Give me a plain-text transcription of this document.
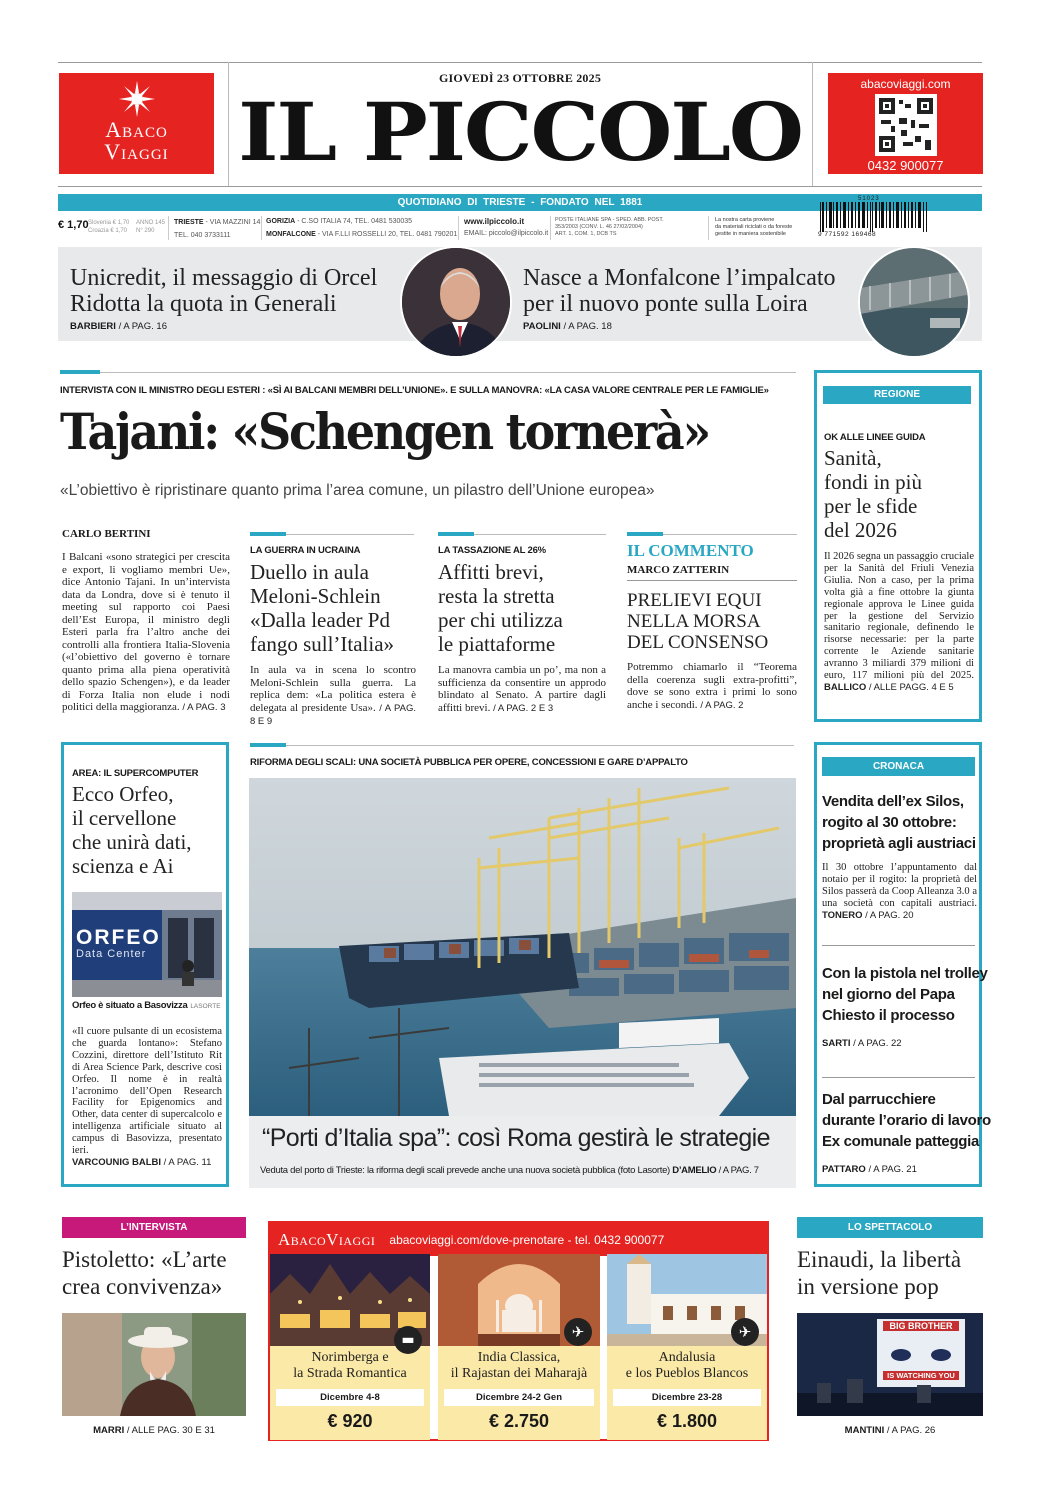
Abaco
Viaggi
GIOVEDÌ 23 OTTOBRE 2025
IL PICCOLO
abacoviaggi.com
0432 900077
QUOTIDIANO DI TRIESTE - FONDATO NEL 1881
€ 1,70 Slovenia € 1,70
Croazia € 1,70
ANNO 145
N° 290
TRIESTE - VIA MAZZINI 14
TEL. 040 3733111
GORIZIA - C.SO ITALIA 74, TEL. 0481 530035
MONFALCONE - VIA F.LLI ROSSELLI 20, TEL. 0481 790201
www.ilpiccolo.it
EMAIL: piccolo@ilpiccolo.it
POSTE ITALIANE SPA - SPED. ABB. POST.
353/2003 (CONV. L. 46 27/02/2004)
ART. 1, COM. 1, DCB TS
La nostra carta proviene
da materiali riciclati o da foreste
gestite in maniera sostenibile
51023
9 771592 169468
Unicredit, il messaggio di Orcel
Ridotta la quota in Generali
BARBIERI / A PAG. 16
Nasce a Monfalcone l’impalcato
per il nuovo ponte sulla Loira
PAOLINI / A PAG. 18
INTERVISTA CON IL MINISTRO DEGLI ESTERI : «SÌ AI BALCANI MEMBRI DELL’UNIONE». E SULLA MANOVRA: «LA CASA VALORE CENTRALE PER LE FAMIGLIE»
Tajani: «Schengen tornerà»
«L’obiettivo è ripristinare quanto prima l’area comune, un pilastro dell’Unione europea»
CARLO BERTINI
I Balcani «sono strategici per crescita e export, li vogliamo membri Ue», dice Antonio Tajani. In un’intervista data da Londra, dove si è tenuto il meeting sul rapporto coi Paesi dell’Est Europa, il ministro degli Esteri parla fra l’altro anche dei controlli alla frontiera Italia-Slovenia («l’obiettivo del governo è tornare quanto prima alla piena operatività dello spazio Schengen»), e da leader di Forza Italia non elude i nodi politici della maggioranza. / A PAG. 3
LA GUERRA IN UCRAINA
Duello in aula
Meloni-Schlein
«Dalla leader Pd
fango sull’Italia»
In aula va in scena lo scontro Meloni-Schlein sulla guerra. La replica dem: «La politica estera è delegata al presidente Usa». / A PAG. 8 E 9
LA TASSAZIONE AL 26%
Affitti brevi,
resta la stretta
per chi utilizza
le piattaforme
La manovra cambia un po’, ma non a sufficienza da consentire un approdo blindato al Senato. A partire dagli affitti brevi. / A PAG. 2 E 3
IL COMMENTO
MARCO ZATTERIN
PRELIEVI EQUI
NELLA MORSA
DEL CONSENSO
Potremmo chiamarlo il “Teorema della coerenza sugli extra-profitti”, dove se sono extra i primi lo sono anche i secondi. / A PAG. 2
REGIONE
OK ALLE LINEE GUIDA
Sanità,
fondi in più
per le sfide
del 2026
Il 2026 segna un passaggio cruciale per la Sanità del Friuli Venezia Giulia. Non a caso, per la prima volta già a fine ottobre la giunta regionale approva le Linee guida per la gestione del Servizio sanitario regionale, definendo le risorse necessarie: per la parte corrente le Aziende sanitarie avranno 3 miliardi 379 milioni di euro, 117 milioni più del 2025. BALLICO / ALLE PAGG. 4 E 5
AREA: IL SUPERCOMPUTER
Ecco Orfeo,
il cervellone
che unirà dati,
scienza e Ai
ORFEO
Data Center
Orfeo è situato a Basovizza LASORTE
«Il cuore pulsante di un ecosistema che guarda lontano»: Stefano Cozzini, direttore dell’Istituto Rit di Area Science Park, descrive così Orfeo. Il nome è in realtà l’acronimo dell’Open Research Facility for Epigenomics and Other, data center di supercalcolo e intelligenza artificiale situato al campus di Basovizza, presentato ieri.
VARCOUNIG BALBI / A PAG. 11
RIFORMA DEGLI SCALI: UNA SOCIETÀ PUBBLICA PER OPERE, CONCESSIONI E GARE D’APPALTO
“Porti d’Italia spa”: così Roma gestirà le strategie
Veduta del porto di Trieste: la riforma degli scali prevede anche una nuova società pubblica (foto Lasorte) D’AMELIO / A PAG. 7
CRONACA
Vendita dell’ex Silos,
rogito al 30 ottobre:
proprietà agli austriaci
Il 30 ottobre l’appuntamento dal notaio per il rogito: la proprietà del Silos passerà da Coop Alleanza 3.0 a una società con capitali austriaci. TONERO / A PAG. 20
Con la pistola nel trolley
nel giorno del Papa
Chiesto il processo
SARTI / A PAG. 22
Dal parrucchiere
durante l’orario di lavoro
Ex comunale patteggia
PATTARO / A PAG. 21
L’INTERVISTA
Pistoletto: «L’arte
crea convivenza»
MARRI / ALLE PAG. 30 E 31
AbacoViaggi abacoviaggi.com/dove-prenotare - tel. 0432 900077
▬
Norimberga e
la Strada Romantica
Dicembre 4-8
€ 920
✈
India Classica,
il Rajastan dei Maharajà
Dicembre 24-2 Gen
€ 2.750
✈
Andalusia
e los Pueblos Blancos
Dicembre 23-28
€ 1.800
LO SPETTACOLO
Einaudi, la libertà
in versione pop
BIG BROTHER
IS WATCHING YOU
MANTINI / A PAG. 26
